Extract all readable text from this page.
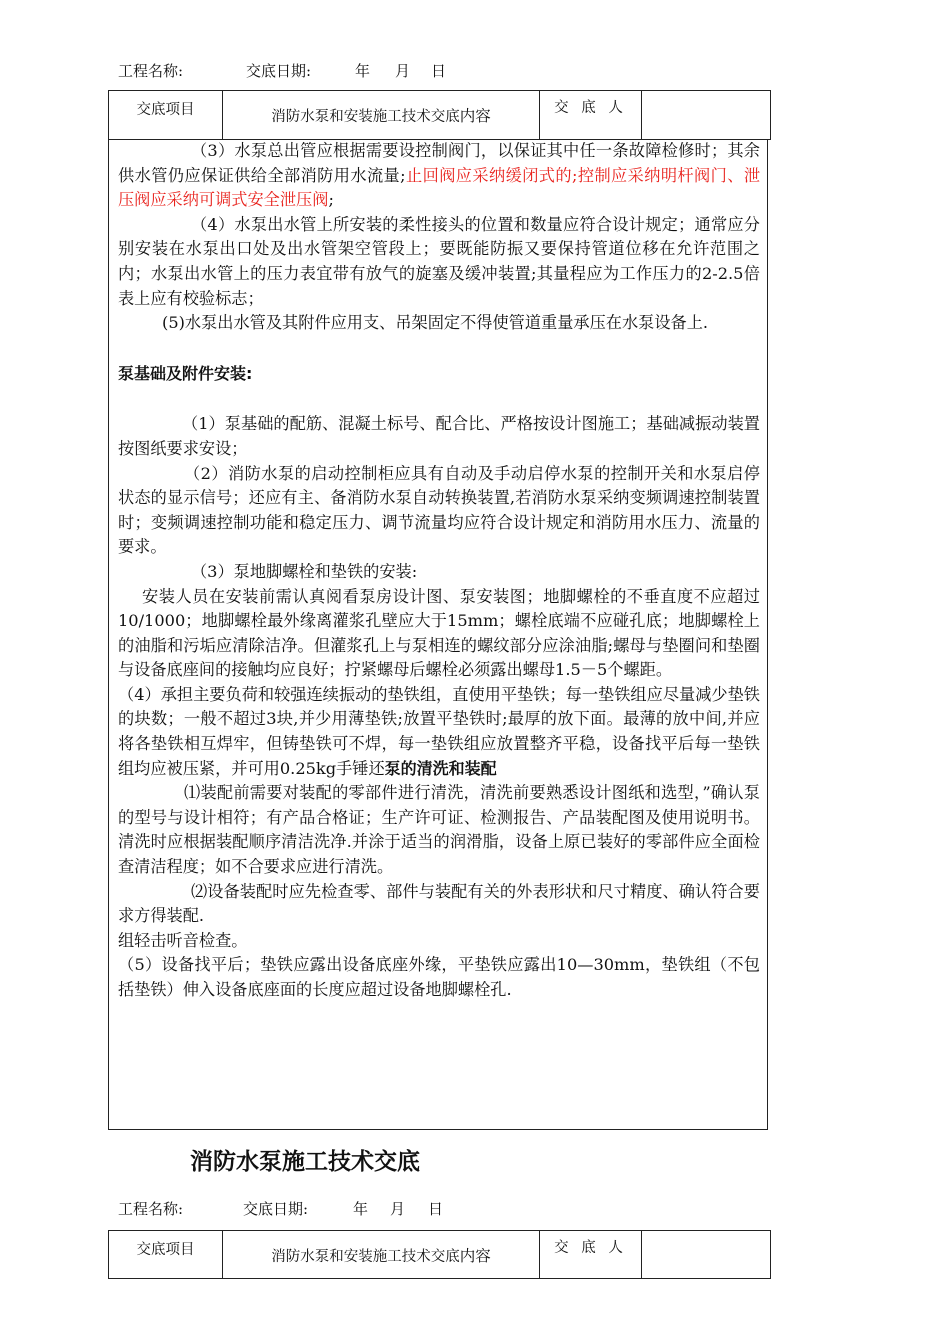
工程名称:	交底日期:	年 月 日
交底项目	消防水泵和安装施工技术交底内容	交 底 人

（3）水泵总出管应根据需要设控制阀门，以保证其中任一条故障检修时；其余供水管仍应保证供给全部消防用水流量;止回阀应采纳缓闭式的;控制应采纳明杆阀门、泄压阀应采纳可调式安全泄压阀;

（4）水泵出水管上所安装的柔性接头的位置和数量应符合设计规定；通常应分别安装在水泵出口处及出水管架空管段上；要既能防振又要保持管道位移在允许范围之内；水泵出水管上的压力表宜带有放气的旋塞及缓冲装置;其量程应为工作压力的2-2.5倍表上应有校验标志；

(5)水泵出水管及其附件应用支、吊架固定不得使管道重量承压在水泵设备上.

泵基础及附件安装:

（1）泵基础的配筋、混凝土标号、配合比、严格按设计图施工；基础减振动装置按图纸要求安设；

（2）消防水泵的启动控制柜应具有自动及手动启停水泵的控制开关和水泵启停状态的显示信号；还应有主、备消防水泵自动转换装置,若消防水泵采纳变频调速控制装置时；变频调速控制功能和稳定压力、调节流量均应符合设计规定和消防用水压力、流量的要求。

（3）泵地脚螺栓和垫铁的安装:

安装人员在安装前需认真阅看泵房设计图、泵安装图；地脚螺栓的不垂直度不应超过10/1000；地脚螺栓最外缘离灌浆孔壁应大于15mm；螺栓底端不应碰孔底；地脚螺栓上的油脂和污垢应清除洁净。但灌浆孔上与泵相连的螺纹部分应涂油脂;螺母与垫圈问和垫圈与设备底座间的接触均应良好；拧紧螺母后螺栓必须露出螺母1.5－5个螺距。

（4）承担主要负荷和较强连续振动的垫铁组，直使用平垫铁；每一垫铁组应尽量减少垫铁的块数；一般不超过3块,并少用薄垫铁;放置平垫铁时;最厚的放下面。最薄的放中间,并应将各垫铁相互焊牢，但铸垫铁可不焊，每一垫铁组应放置整齐平稳，设备找平后每一垫铁组均应被压紧，并可用0.25kg手锤还泵的清洗和装配

⑴装配前需要对装配的零部件进行清洗，清洗前要熟悉设计图纸和选型，”确认泵的型号与设计相符；有产品合格证；生产许可证、检测报告、产品装配图及使用说明书。清洗时应根据装配顺序清洁洗净.并涂于适当的润滑脂，设备上原已装好的零部件应全面检查清洁程度；如不合要求应进行清洗。

⑵设备装配时应先检查零、部件与装配有关的外表形状和尺寸精度、确认符合要求方得装配.

组轻击听音检查。

（5）设备找平后；垫铁应露出设备底座外缘，平垫铁应露出10—30mm，垫铁组（不包括垫铁）伸入设备底座面的长度应超过设备地脚螺栓孔.

消防水泵施工技术交底
工程名称:	交底日期:	年 月 日
交底项目	消防水泵和安装施工技术交底内容	交 底 人
